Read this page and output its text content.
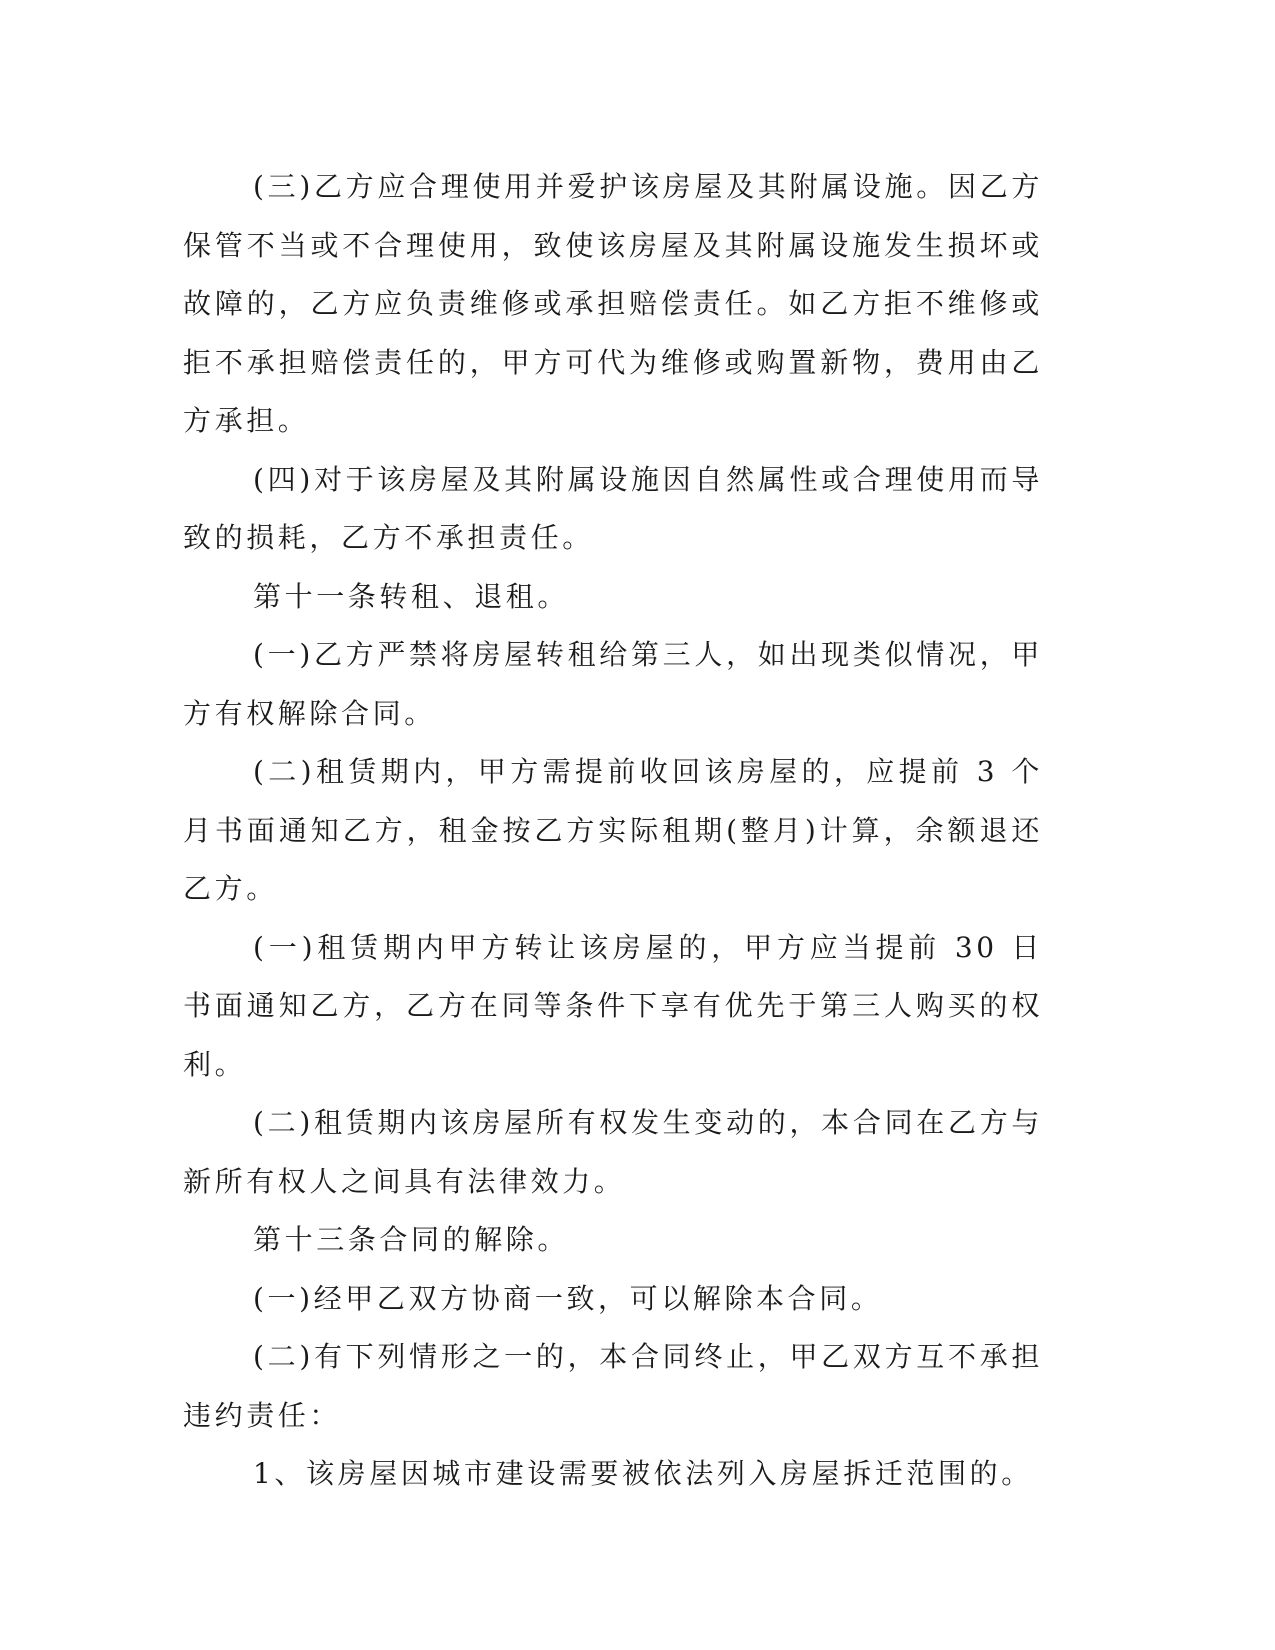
(三)乙方应合理使用并爱护该房屋及其附属设施。因乙方保管不当或不合理使用，致使该房屋及其附属设施发生损坏或故障的，乙方应负责维修或承担赔偿责任。如乙方拒不维修或拒不承担赔偿责任的，甲方可代为维修或购置新物，费用由乙方承担。

(四)对于该房屋及其附属设施因自然属性或合理使用而导致的损耗，乙方不承担责任。

第十一条转租、退租。

(一)乙方严禁将房屋转租给第三人，如出现类似情况，甲方有权解除合同。

(二)租赁期内，甲方需提前收回该房屋的，应提前 3 个月书面通知乙方，租金按乙方实际租期(整月)计算，余额退还乙方。

(一)租赁期内甲方转让该房屋的，甲方应当提前 30 日书面通知乙方，乙方在同等条件下享有优先于第三人购买的权利。

(二)租赁期内该房屋所有权发生变动的，本合同在乙方与新所有权人之间具有法律效力。

第十三条合同的解除。

(一)经甲乙双方协商一致，可以解除本合同。

(二)有下列情形之一的，本合同终止，甲乙双方互不承担违约责任：

1、该房屋因城市建设需要被依法列入房屋拆迁范围的。
